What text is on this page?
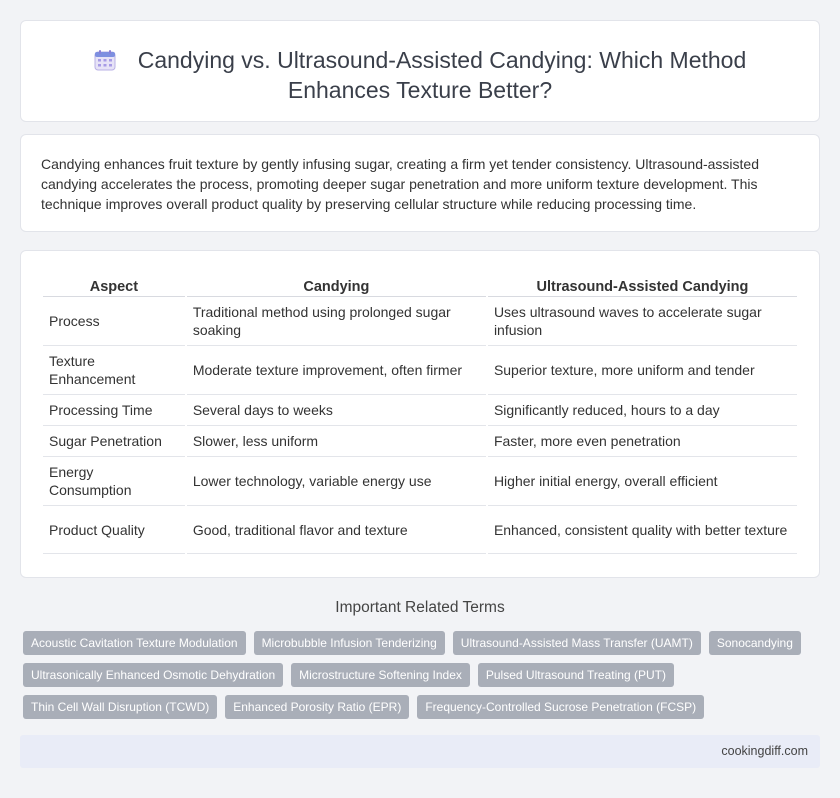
Candying vs. Ultrasound-Assisted Candying: Which Method
Enhances Texture Better?

Candying enhances fruit texture by gently infusing sugar, creating a firm yet tender consistency. Ultrasound-assisted candying accelerates the process, promoting deeper sugar penetration and more uniform texture development. This technique improves overall product quality by preserving cellular structure while reducing processing time.

Aspect	Candying	Ultrasound-Assisted Candying
Process	Traditional method using prolonged sugar soaking	Uses ultrasound waves to accelerate sugar infusion
Texture Enhancement	Moderate texture improvement, often firmer	Superior texture, more uniform and tender
Processing Time	Several days to weeks	Significantly reduced, hours to a day
Sugar Penetration	Slower, less uniform	Faster, more even penetration
Energy Consumption	Lower technology, variable energy use	Higher initial energy, overall efficient
Product Quality	Good, traditional flavor and texture	Enhanced, consistent quality with better texture
Important Related Terms
Acoustic Cavitation Texture Modulation	Microbubble Infusion Tenderizing	Ultrasound-Assisted Mass Transfer (UAMT)	Sonocandying
Ultrasonically Enhanced Osmotic Dehydration	Microstructure Softening Index	Pulsed Ultrasound Treating (PUT)
Thin Cell Wall Disruption (TCWD)	Enhanced Porosity Ratio (EPR)	Frequency-Controlled Sucrose Penetration (FCSP)
cookingdiff.com
